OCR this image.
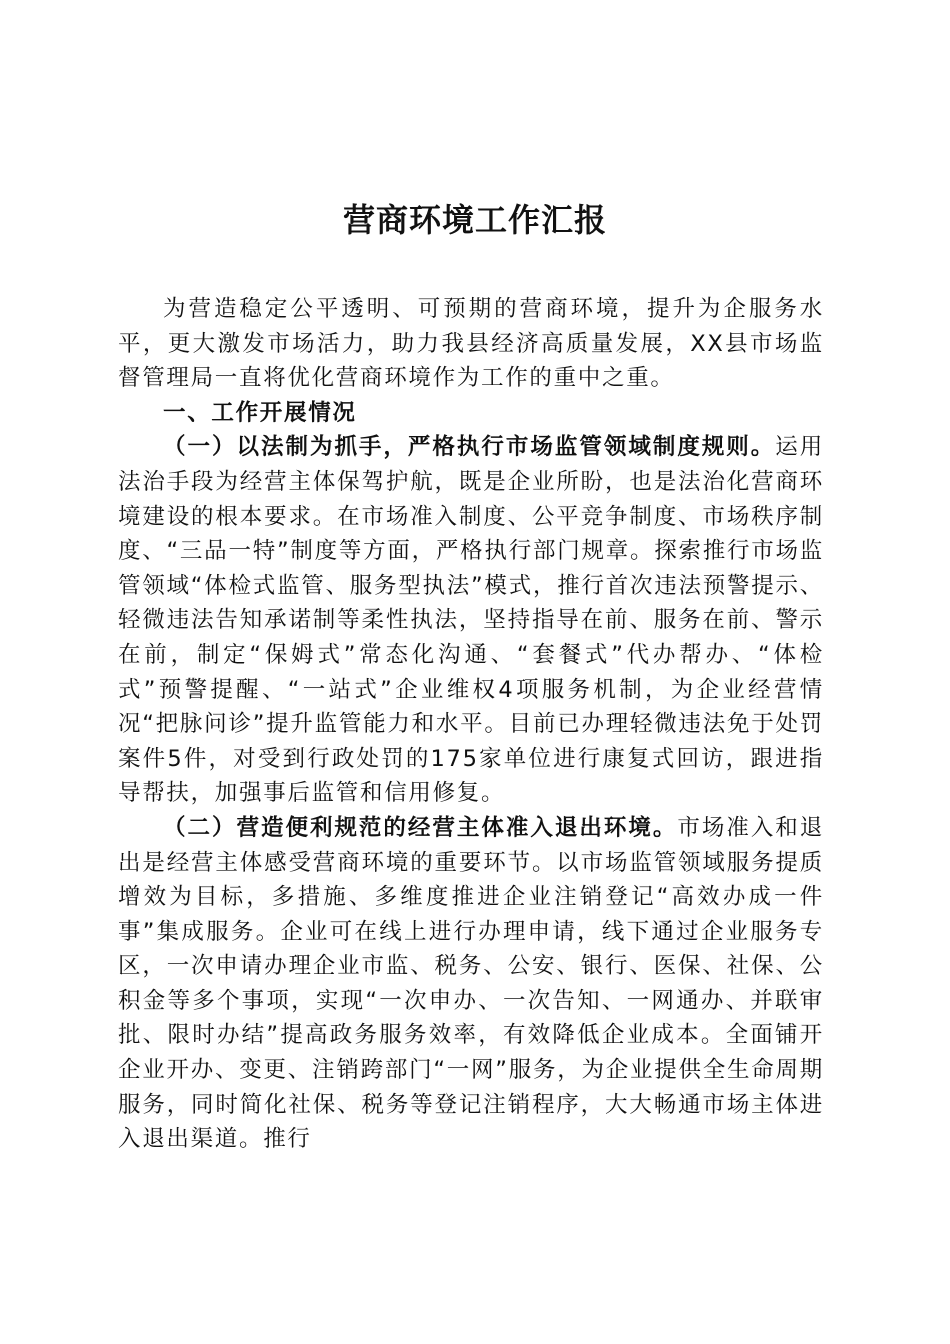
营商环境工作汇报

为营造稳定公平透明、可预期的营商环境，提升为企服务水平，更大激发市场活力，助力我县经济高质量发展，XX县市场监督管理局一直将优化营商环境作为工作的重中之重。

一、工作开展情况

（一）以法制为抓手，严格执行市场监管领域制度规则。运用法治手段为经营主体保驾护航，既是企业所盼，也是法治化营商环境建设的根本要求。在市场准入制度、公平竞争制度、市场秩序制度、“三品一特”制度等方面，严格执行部门规章。探索推行市场监管领域“体检式监管、服务型执法”模式，推行首次违法预警提示、轻微违法告知承诺制等柔性执法，坚持指导在前、服务在前、警示在前，制定“保姆式”常态化沟通、“套餐式”代办帮办、“体检式”预警提醒、“一站式”企业维权4项服务机制，为企业经营情况“把脉问诊”提升监管能力和水平。目前已办理轻微违法免于处罚案件5件，对受到行政处罚的175家单位进行康复式回访，跟进指导帮扶，加强事后监管和信用修复。

（二）营造便利规范的经营主体准入退出环境。市场准入和退出是经营主体感受营商环境的重要环节。以市场监管领域服务提质增效为目标，多措施、多维度推进企业注销登记“高效办成一件事”集成服务。企业可在线上进行办理申请，线下通过企业服务专区，一次申请办理企业市监、税务、公安、银行、医保、社保、公积金等多个事项，实现“一次申办、一次告知、一网通办、并联审批、限时办结”提高政务服务效率，有效降低企业成本。全面铺开企业开办、变更、注销跨部门“一网”服务，为企业提供全生命周期服务，同时简化社保、税务等登记注销程序，大大畅通市场主体进入退出渠道。推行
